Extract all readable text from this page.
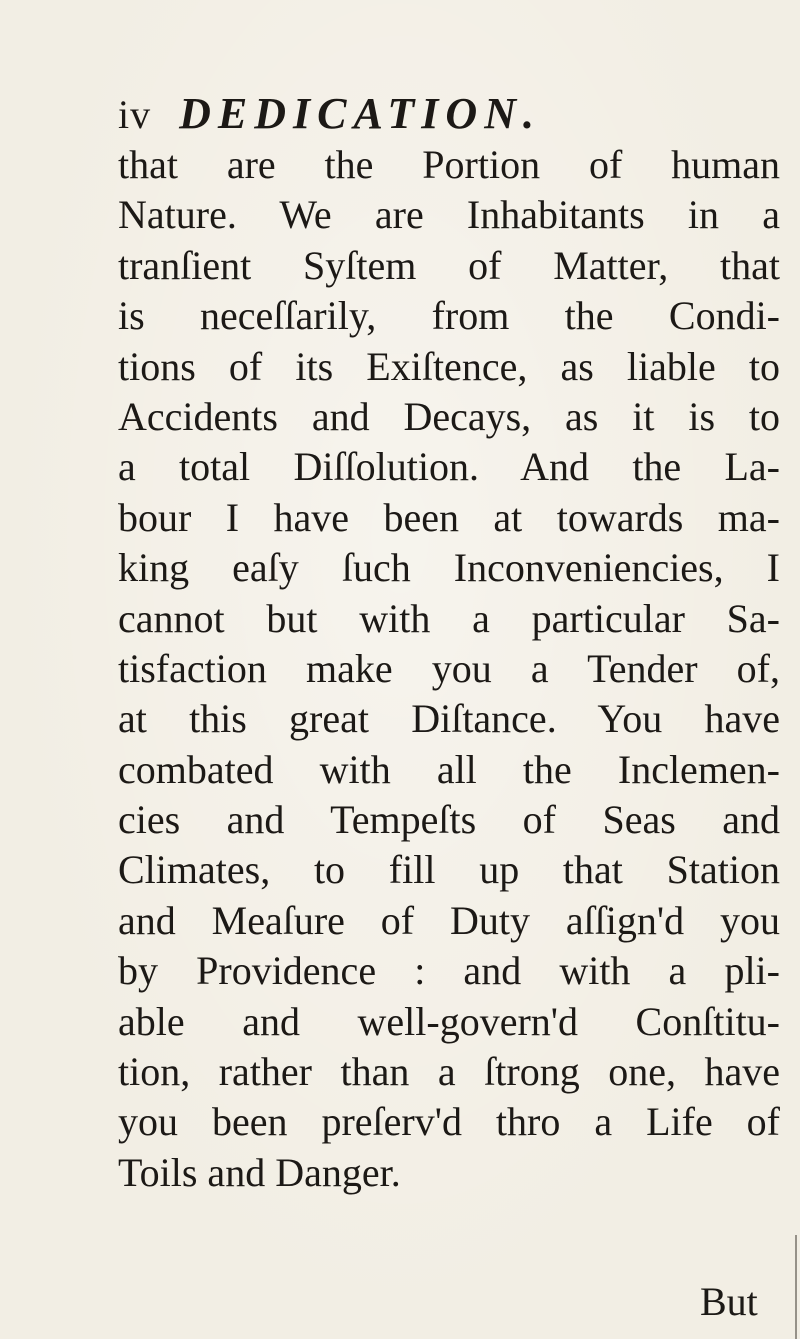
iv DEDICATION.
that are the Portion of human
Nature. We are Inhabitants in a
tranſient Syſtem of Matter, that
is neceſſarily, from the Condi-
tions of its Exiſtence, as liable to
Accidents and Decays, as it is to
a total Diſſolution. And the La-
bour I have been at towards ma-
king eaſy ſuch Inconveniencies, I
cannot but with a particular Sa-
tisfaction make you a Tender of,
at this great Diſtance. You have
combated with all the Inclemen-
cies and Tempeſts of Seas and
Climates, to fill up that Station
and Meaſure of Duty aſſign'd you
by Providence : and with a pli-
able and well-govern'd Conſtitu-
tion, rather than a ſtrong one, have
you been preſerv'd thro a Life of
Toils and Danger.
But
